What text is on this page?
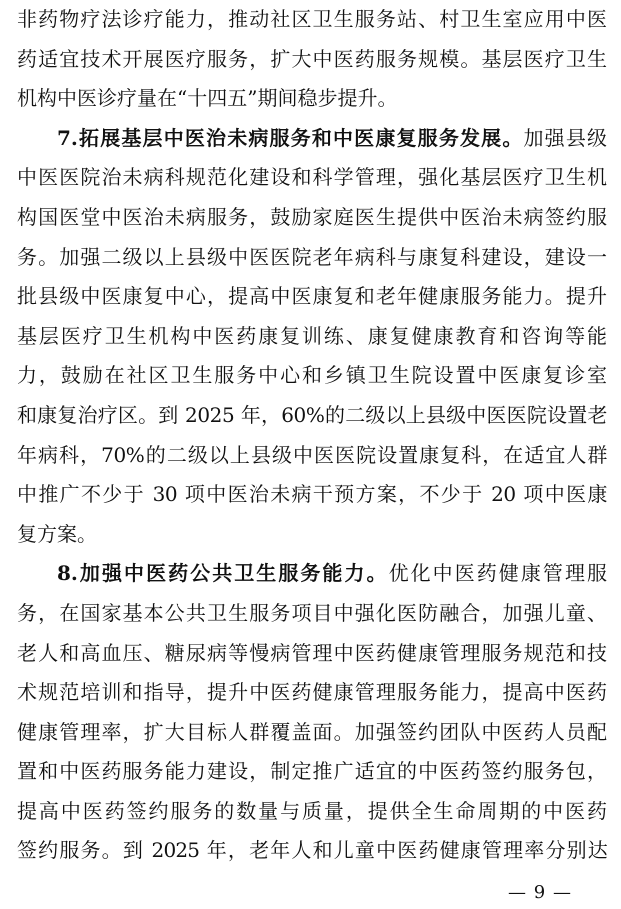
非药物疗法诊疗能力，推动社区卫生服务站、村卫生室应用中医
药适宜技术开展医疗服务，扩大中医药服务规模。基层医疗卫生
机构中医诊疗量在“十四五”期间稳步提升。
7.拓展基层中医治未病服务和中医康复服务发展。加强县级
中医医院治未病科规范化建设和科学管理，强化基层医疗卫生机
构国医堂中医治未病服务，鼓励家庭医生提供中医治未病签约服
务。加强二级以上县级中医医院老年病科与康复科建设，建设一
批县级中医康复中心，提高中医康复和老年健康服务能力。提升
基层医疗卫生机构中医药康复训练、康复健康教育和咨询等能
力，鼓励在社区卫生服务中心和乡镇卫生院设置中医康复诊室
和康复治疗区。到 2025 年，60%的二级以上县级中医医院设置老
年病科，70%的二级以上县级中医医院设置康复科，在适宜人群
中推广不少于 30 项中医治未病干预方案，不少于 20 项中医康
复方案。
8.加强中医药公共卫生服务能力。优化中医药健康管理服
务，在国家基本公共卫生服务项目中强化医防融合，加强儿童、
老人和高血压、糖尿病等慢病管理中医药健康管理服务规范和技
术规范培训和指导，提升中医药健康管理服务能力，提高中医药
健康管理率，扩大目标人群覆盖面。加强签约团队中医药人员配
置和中医药服务能力建设，制定推广适宜的中医药签约服务包，
提高中医药签约服务的数量与质量，提供全生命周期的中医药
签约服务。到 2025 年，老年人和儿童中医药健康管理率分别达
— 9 —
